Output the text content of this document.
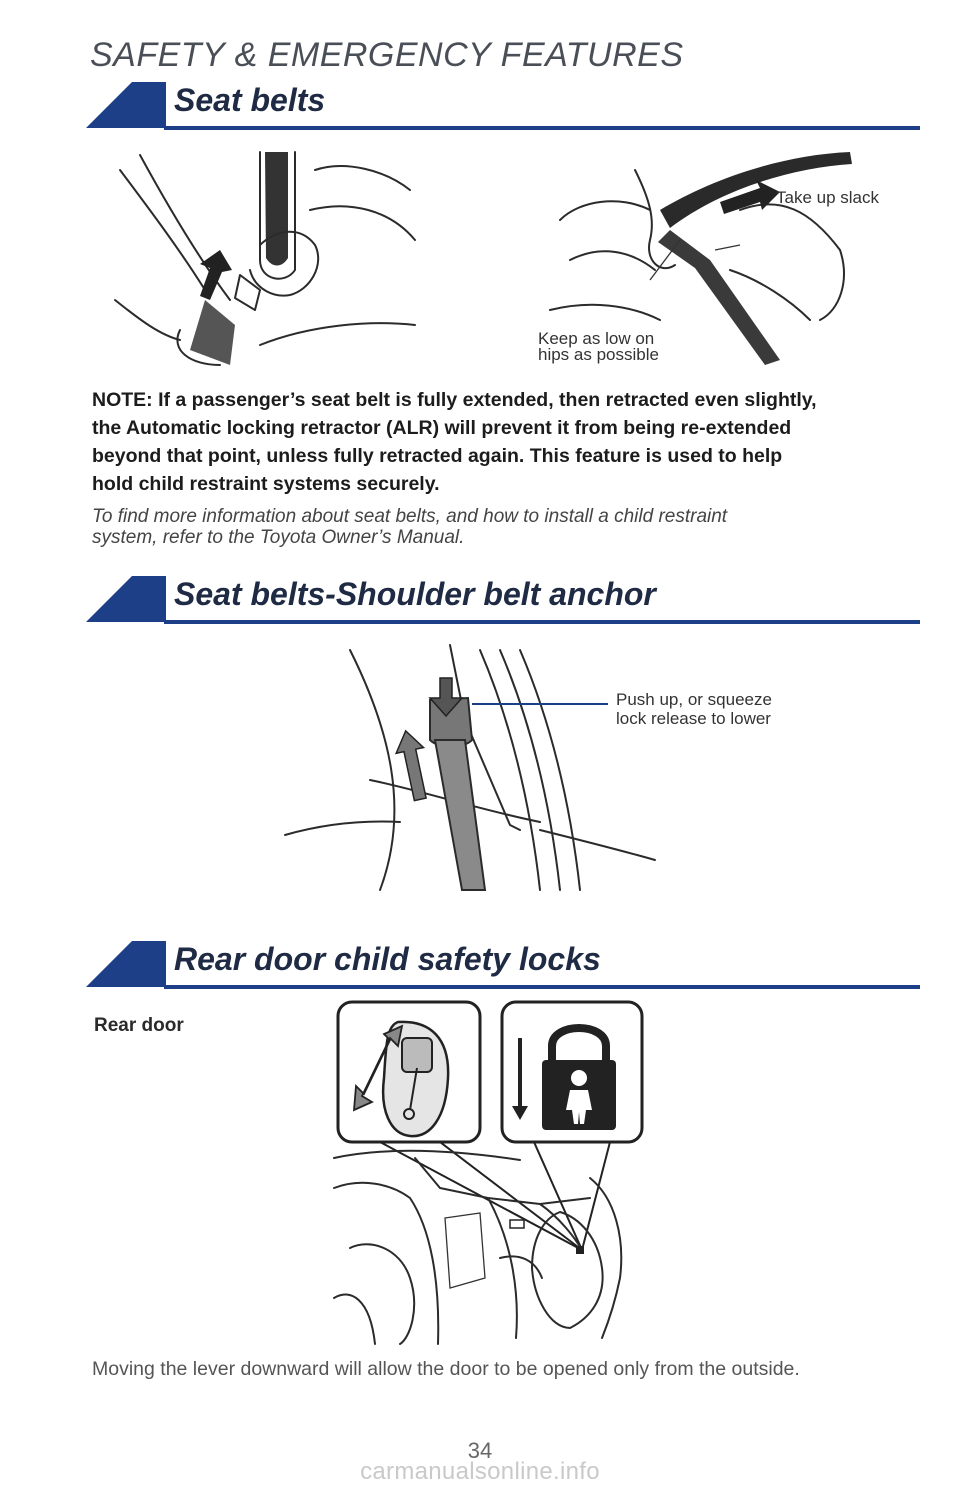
SAFETY & EMERGENCY FEATURES
Seat belts
Take up slack
Keep as low on
hips as possible

NOTE: If a passenger’s seat belt is fully extended, then retracted even slightly,

the Automatic locking retractor (ALR) will prevent it from being re-extended

beyond that point, unless fully retracted again. This feature is used to help

hold child restraint systems securely.

To find more information about seat belts, and how to install a child restraint
system, refer to the Toyota Owner’s Manual.
Seat belts-Shoulder belt anchor
Push up, or squeeze
lock release to lower
Rear door child safety locks
Rear door
Moving the lever downward will allow the door to be opened only from the outside.
34
carmanualsonline.info
